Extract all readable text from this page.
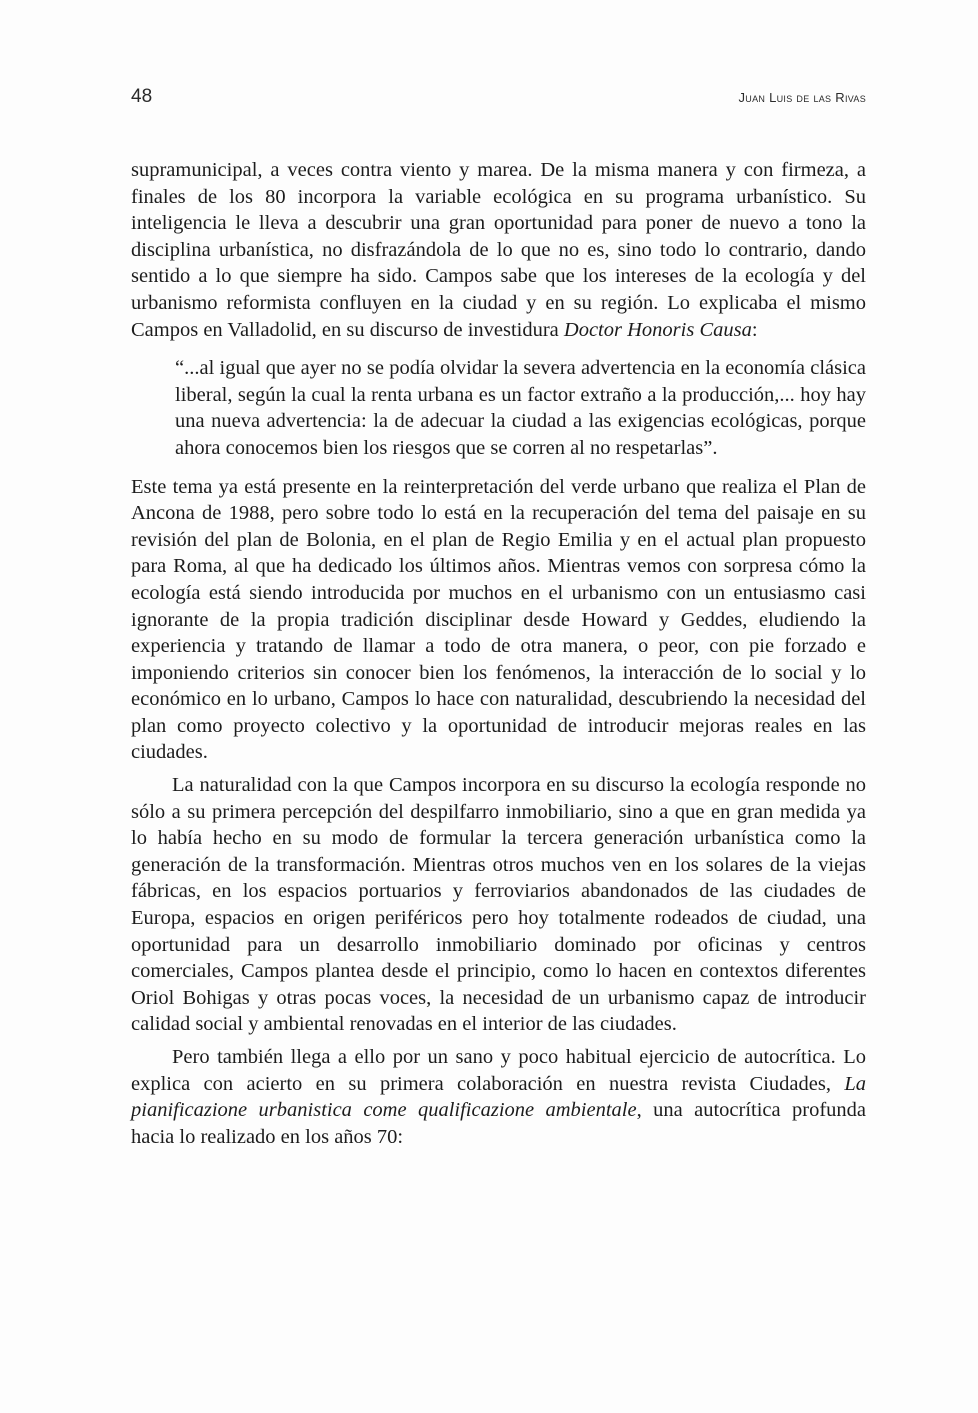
48	Juan Luis de las Rivas

supramunicipal, a veces contra viento y marea. De la misma manera y con firmeza, a finales de los 80 incorpora la variable ecológica en su programa urbanístico. Su inteligencia le lleva a descubrir una gran oportunidad para poner de nuevo a tono la disciplina urbanística, no disfrazándola de lo que no es, sino todo lo contrario, dando sentido a lo que siempre ha sido. Campos sabe que los intereses de la ecología y del urbanismo reformista confluyen en la ciudad y en su región. Lo explicaba el mismo Campos en Valladolid, en su discurso de investidura Doctor Honoris Causa:

“...al igual que ayer no se podía olvidar la severa advertencia en la economía clásica liberal, según la cual la renta urbana es un factor extraño a la producción,... hoy hay una nueva advertencia: la de adecuar la ciudad a las exigencias ecológicas, porque ahora conocemos bien los riesgos que se corren al no respetarlas”.

Este tema ya está presente en la reinterpretación del verde urbano que realiza el Plan de Ancona de 1988, pero sobre todo lo está en la recuperación del tema del paisaje en su revisión del plan de Bolonia, en el plan de Regio Emilia y en el actual plan propuesto para Roma, al que ha dedicado los últimos años. Mientras vemos con sorpresa cómo la ecología está siendo introducida por muchos en el urbanismo con un entusiasmo casi ignorante de la propia tradición disciplinar desde Howard y Geddes, eludiendo la experiencia y tratando de llamar a todo de otra manera, o peor, con pie forzado e imponiendo criterios sin conocer bien los fenómenos, la interacción de lo social y lo económico en lo urbano, Campos lo hace con naturalidad, descubriendo la necesidad del plan como proyecto colectivo y la oportunidad de introducir mejoras reales en las ciudades.

La naturalidad con la que Campos incorpora en su discurso la ecología responde no sólo a su primera percepción del despilfarro inmobiliario, sino a que en gran medida ya lo había hecho en su modo de formular la tercera generación urbanística como la generación de la transformación. Mientras otros muchos ven en los solares de la viejas fábricas, en los espacios portuarios y ferroviarios abandonados de las ciudades de Europa, espacios en origen periféricos pero hoy totalmente rodeados de ciudad, una oportunidad para un desarrollo inmobiliario dominado por oficinas y centros comerciales, Campos plantea desde el principio, como lo hacen en contextos diferentes Oriol Bohigas y otras pocas voces, la necesidad de un urbanismo capaz de introducir calidad social y ambiental renovadas en el interior de las ciudades.

Pero también llega a ello por un sano y poco habitual ejercicio de autocrítica. Lo explica con acierto en su primera colaboración en nuestra revista Ciudades, La pianificazione urbanistica come qualificazione ambientale, una autocrítica profunda hacia lo realizado en los años 70:
